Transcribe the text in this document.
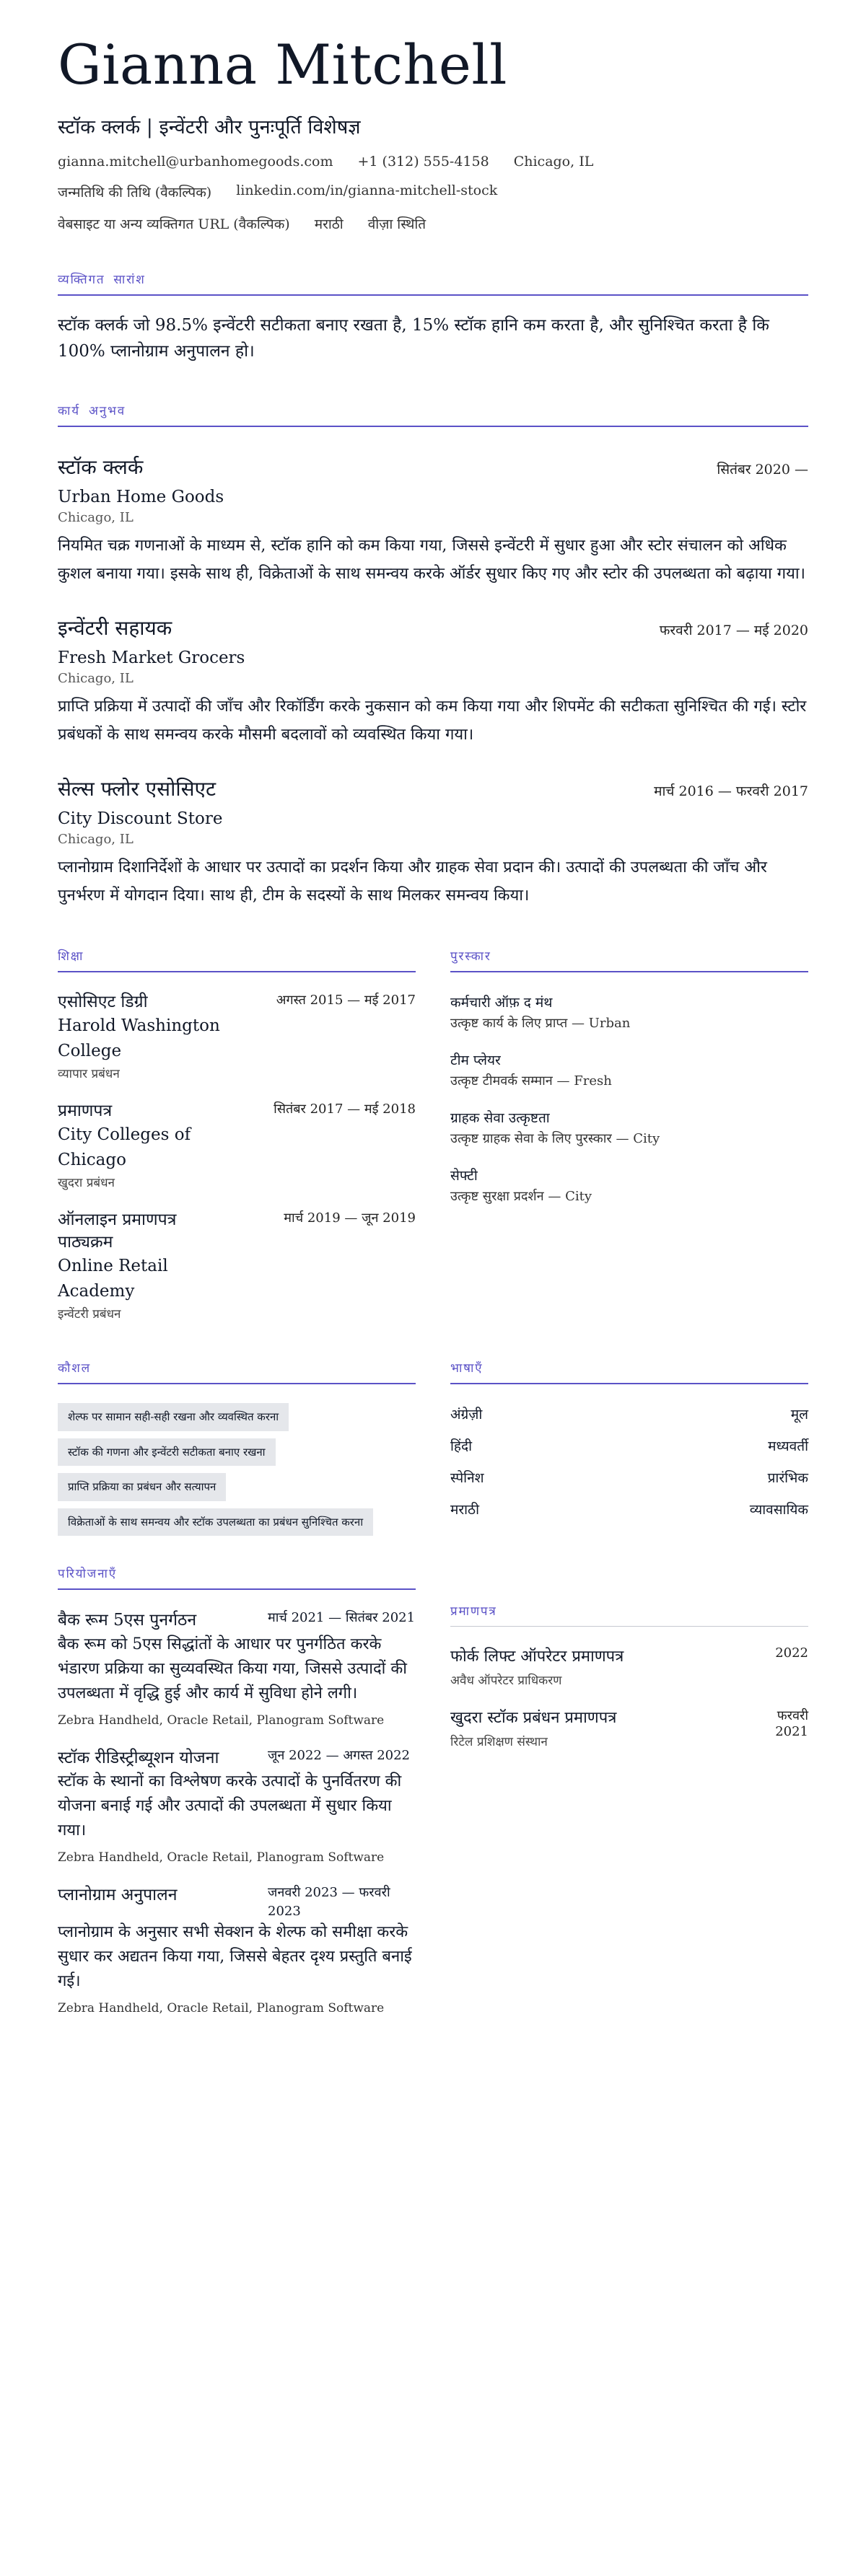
Gianna Mitchell
स्टॉक क्लर्क | इन्वेंटरी और पुनःपूर्ति विशेषज्ञ
gianna.mitchell@urbanhomegoods.com +1 (312) 555-4158 Chicago, IL
जन्मतिथि की तिथि (वैकल्पिक) linkedin.com/in/gianna-mitchell-stock
वेबसाइट या अन्य व्यक्तिगत URL (वैकल्पिक) मराठी वीज़ा स्थिति
व्यक्तिगत सारांश
स्टॉक क्लर्क जो 98.5% इन्वेंटरी सटीकता बनाए रखता है, 15% स्टॉक हानि कम करता है, और सुनिश्चित करता है कि 100% प्लानोग्राम अनुपालन हो।
कार्य अनुभव
स्टॉक क्लर्क	सितंबर 2020 —
Urban Home Goods
Chicago, IL
नियमित चक्र गणनाओं के माध्यम से, स्टॉक हानि को कम किया गया, जिससे इन्वेंटरी में सुधार हुआ और स्टोर संचालन को अधिक कुशल बनाया गया। इसके साथ ही, विक्रेताओं के साथ समन्वय करके ऑर्डर सुधार किए गए और स्टोर की उपलब्धता को बढ़ाया गया।
इन्वेंटरी सहायक	फरवरी 2017 — मई 2020
Fresh Market Grocers
Chicago, IL
प्राप्ति प्रक्रिया में उत्पादों की जाँच और रिकॉर्डिंग करके नुकसान को कम किया गया और शिपमेंट की सटीकता सुनिश्चित की गई। स्टोर प्रबंधकों के साथ समन्वय करके मौसमी बदलावों को व्यवस्थित किया गया।
सेल्स फ्लोर एसोसिएट	मार्च 2016 — फरवरी 2017
City Discount Store
Chicago, IL
प्लानोग्राम दिशानिर्देशों के आधार पर उत्पादों का प्रदर्शन किया और ग्राहक सेवा प्रदान की। उत्पादों की उपलब्धता की जाँच और पुनर्भरण में योगदान दिया। साथ ही, टीम के सदस्यों के साथ मिलकर समन्वय किया।
शिक्षा
एसोसिएट डिग्री
Harold Washington College
व्यापार प्रबंधन
अगस्त 2015 — मई 2017
प्रमाणपत्र
City Colleges of Chicago
खुदरा प्रबंधन
सितंबर 2017 — मई 2018
ऑनलाइन प्रमाणपत्र पाठ्यक्रम
Online Retail Academy
इन्वेंटरी प्रबंधन
मार्च 2019 — जून 2019
पुरस्कार
कर्मचारी ऑफ़ द मंथ
उत्कृष्ट कार्य के लिए प्राप्त — Urban
टीम प्लेयर
उत्कृष्ट टीमवर्क सम्मान — Fresh
ग्राहक सेवा उत्कृष्टता
उत्कृष्ट ग्राहक सेवा के लिए पुरस्कार — City
सेफ्टी
उत्कृष्ट सुरक्षा प्रदर्शन — City
कौशल
शेल्फ पर सामान सही-सही रखना और व्यवस्थित करना
स्टॉक की गणना और इन्वेंटरी सटीकता बनाए रखना
प्राप्ति प्रक्रिया का प्रबंधन और सत्यापन
विक्रेताओं के साथ समन्वय और स्टॉक उपलब्धता का प्रबंधन सुनिश्चित करना
भाषाएँ
अंग्रेज़ी	मूल
हिंदी	मध्यवर्ती
स्पेनिश	प्रारंभिक
मराठी	व्यावसायिक
परियोजनाएँ
बैक रूम 5एस पुनर्गठन	मार्च 2021 — सितंबर 2021
बैक रूम को 5एस सिद्धांतों के आधार पर पुनर्गठित करके भंडारण प्रक्रिया का सुव्यवस्थित किया गया, जिससे उत्पादों की उपलब्धता में वृद्धि हुई और कार्य में सुविधा होने लगी।
Zebra Handheld, Oracle Retail, Planogram Software
स्टॉक रीडिस्ट्रीब्यूशन योजना	जून 2022 — अगस्त 2022
स्टॉक के स्थानों का विश्लेषण करके उत्पादों के पुनर्वितरण की योजना बनाई गई और उत्पादों की उपलब्धता में सुधार किया गया।
Zebra Handheld, Oracle Retail, Planogram Software
प्लानोग्राम अनुपालन	जनवरी 2023 — फरवरी 2023
प्लानोग्राम के अनुसार सभी सेक्शन के शेल्फ को समीक्षा करके सुधार कर अद्यतन किया गया, जिससे बेहतर दृश्य प्रस्तुति बनाई गई।
Zebra Handheld, Oracle Retail, Planogram Software
प्रमाणपत्र
फोर्क लिफ्ट ऑपरेटर प्रमाणपत्र
अवैध ऑपरेटर प्राधिकरण
2022
खुदरा स्टॉक प्रबंधन प्रमाणपत्र
रिटेल प्रशिक्षण संस्थान
फरवरी 2021
